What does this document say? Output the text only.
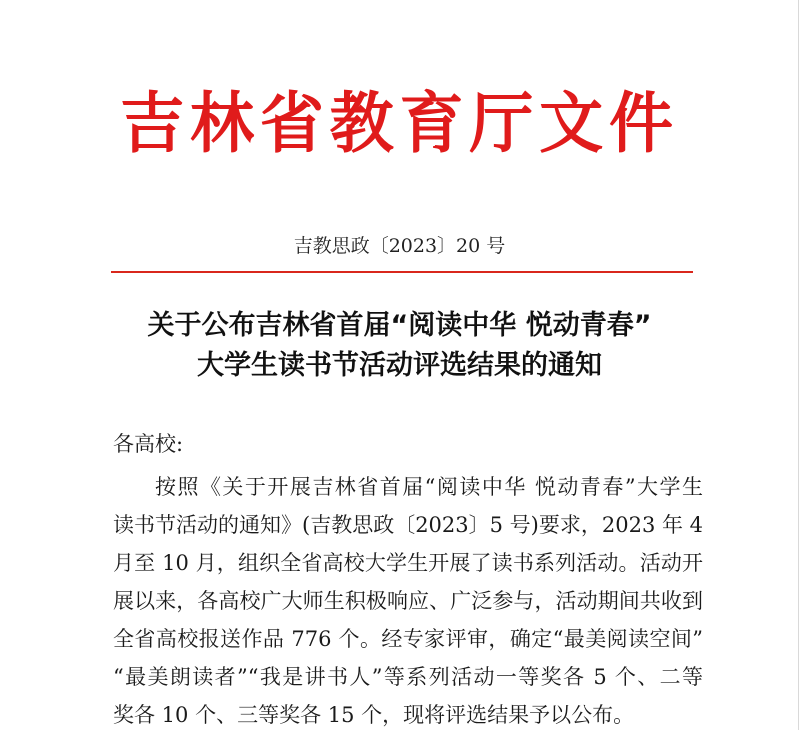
吉林省教育厅文件
吉教思政〔2023〕20 号
关于公布吉林省首届“阅读中华 悦动青春”
大学生读书节活动评选结果的通知
各高校:
按照《关于开展吉林省首届“阅读中华 悦动青春”大学生
读书节活动的通知》(吉教思政〔2023〕5 号)要求，2023 年 4
月至 10 月，组织全省高校大学生开展了读书系列活动。活动开
展以来，各高校广大师生积极响应、广泛参与，活动期间共收到
全省高校报送作品 776 个。经专家评审，确定“最美阅读空间”
“最美朗读者”“我是讲书人”等系列活动一等奖各 5 个、二等
奖各 10 个、三等奖各 15 个，现将评选结果予以公布。
